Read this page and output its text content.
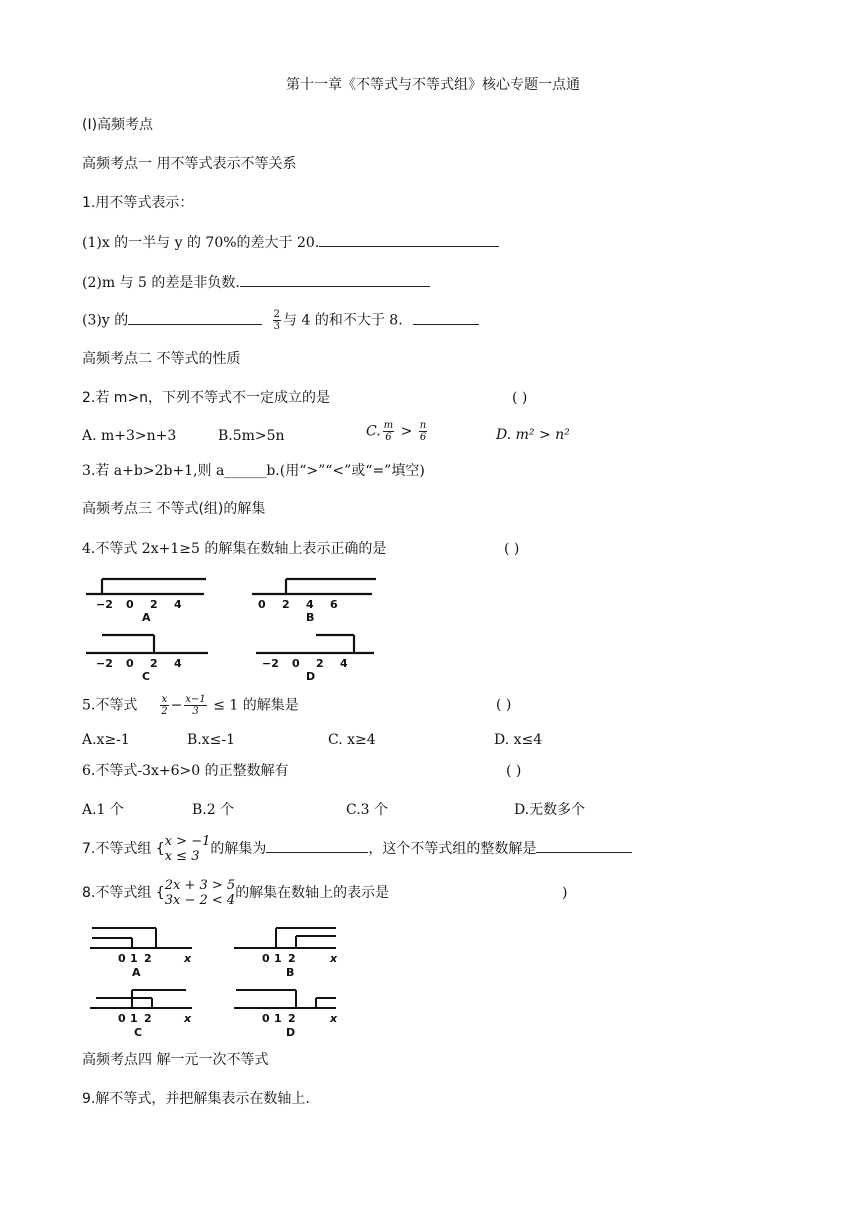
第十一章《不等式与不等式组》核心专题一点通
(Ⅰ)高频考点
高频考点一 用不等式表示不等关系
1.用不等式表示：
(1)x 的一半与 y 的 70%的差大于 20.
(2)m 与 5 的差是非负数.
(3)y 的	$\frac{2}{3}$ 与 4 的和不大于 8.
高频考点二 不等式的性质
2.若 m>n，下列不等式不一定成立的是	( )
A. m+3>n+3	B.5m>5n	C. $\frac{m}{6} > \frac{n}{6}$	D. m² > n²
3.若 a+b>2b+1,则 a______b.(用“>”“<”或“=”填空)
高频考点三 不等式(组)的解集
4.不等式 2x+1≥5 的解集在数轴上表示正确的是	( )
−2 0 2 4
A
0 2 4 6
B
−2 0 2 4
C
−2 0 2 4
D
5.不等式 $\frac{x}{2} - \frac{x-1}{3} \le 1$ 的解集是	( )
A.x≥-1	B.x≤-1	C. x≥4	D. x≤4
6.不等式-3x+6>0 的正整数解有	( )
A.1 个	B.2 个	C.3 个	D.无数多个
7.不等式组 { x > −1
x ≤ 3 的解集为	，这个不等式组的整数解是
8.不等式组 { 2x + 3 > 5
3x − 2 < 4 的解集在数轴上的表示是	)
0 1 2	x
A
0 1 2	x
B
0 1 2	x
C
0 1 2	x
D
高频考点四 解一元一次不等式
9.解不等式，并把解集表示在数轴上.
